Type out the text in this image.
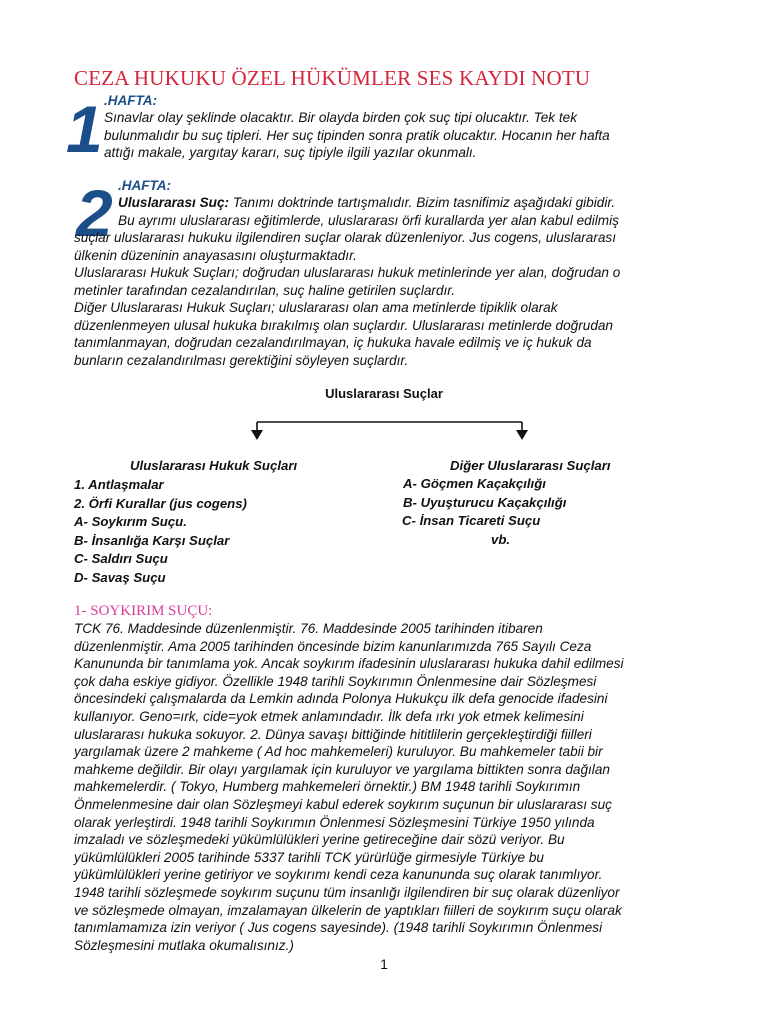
CEZA HUKUKU ÖZEL HÜKÜMLER SES KAYDI NOTU
1 .HAFTA:
Sınavlar olay şeklinde olacaktır. Bir olayda birden çok suç tipi olucaktır. Tek tek
bulunmalıdır bu suç tipleri. Her suç tipinden sonra pratik olucaktır. Hocanın her hafta
attığı makale, yargıtay kararı, suç tipiyle ilgili yazılar okunmalı.
2 .HAFTA:
Uluslararası Suç: Tanımı doktrinde tartışmalıdır. Bizim tasnifimiz aşağıdaki gibidir.
Bu ayrımı uluslararası eğitimlerde, uluslararası örfi kurallarda yer alan kabul edilmiş
suçlar uluslararası hukuku ilgilendiren suçlar olarak düzenleniyor. Jus cogens, uluslararası
ülkenin düzeninin anayasasını oluşturmaktadır.
Uluslararası Hukuk Suçları; doğrudan uluslararası hukuk metinlerinde yer alan, doğrudan o
metinler tarafından cezalandırılan, suç haline getirilen suçlardır.
Diğer Uluslararası Hukuk Suçları; uluslararası olan ama metinlerde tipiklik olarak
düzenlenmeyen ulusal hukuka bırakılmış olan suçlardır. Uluslararası metinlerde doğrudan
tanımlanmayan, doğrudan cezalandırılmayan, iç hukuka havale edilmiş ve iç hukuk da
bunların cezalandırılması gerektiğini söyleyen suçlardır.
Uluslararası Suçlar
Uluslararası Hukuk Suçları	Diğer Uluslararası Suçları
1. Antlaşmalar
2. Örfi Kurallar (jus cogens)
A- Soykırım Suçu.
B- İnsanlığa Karşı Suçlar
C- Saldırı Suçu
D- Savaş Suçu
A- Göçmen Kaçakçılığı
B- Uyuşturucu Kaçakçılığı
C- İnsan Ticareti Suçu
vb.
1- SOYKIRIM SUÇU:
TCK 76. Maddesinde düzenlenmiştir. 76. Maddesinde 2005 tarihinden itibaren
düzenlenmiştir. Ama 2005 tarihinden öncesinde bizim kanunlarımızda 765 Sayılı Ceza
Kanununda bir tanımlama yok. Ancak soykırım ifadesinin uluslararası hukuka dahil edilmesi
çok daha eskiye gidiyor. Özellikle 1948 tarihli Soykırımın Önlenmesine dair Sözleşmesi
öncesindeki çalışmalarda da Lemkin adında Polonya Hukukçu ilk defa genocide ifadesini
kullanıyor. Geno=ırk, cide=yok etmek anlamındadır. İlk defa ırkı yok etmek kelimesini
uluslararası hukuka sokuyor. 2. Dünya savaşı bittiğinde hititlilerin gerçekleştirdiği fiilleri
yargılamak üzere 2 mahkeme ( Ad hoc mahkemeleri) kuruluyor. Bu mahkemeler tabii bir
mahkeme değildir. Bir olayı yargılamak için kuruluyor ve yargılama bittikten sonra dağılan
mahkemelerdir. ( Tokyo, Humberg mahkemeleri örnektir.) BM 1948 tarihli Soykırımın
Önmelenmesine dair olan Sözleşmeyi kabul ederek soykırım suçunun bir uluslararası suç
olarak yerleştirdi. 1948 tarihli Soykırımın Önlenmesi Sözleşmesini Türkiye 1950 yılında
imzaladı ve sözleşmedeki yükümlülükleri yerine getireceğine dair sözü veriyor. Bu
yükümlülükleri 2005 tarihinde 5337 tarihli TCK yürürlüğe girmesiyle Türkiye bu
yükümlülükleri yerine getiriyor ve soykırımı kendi ceza kanununda suç olarak tanımlıyor.
1948 tarihli sözleşmede soykırım suçunu tüm insanlığı ilgilendiren bir suç olarak düzenliyor
ve sözleşmede olmayan, imzalamayan ülkelerin de yaptıkları fiilleri de soykırım suçu olarak
tanımlamamıza izin veriyor ( Jus cogens sayesinde). (1948 tarihli Soykırımın Önlenmesi
Sözleşmesini mutlaka okumalısınız.)
1
